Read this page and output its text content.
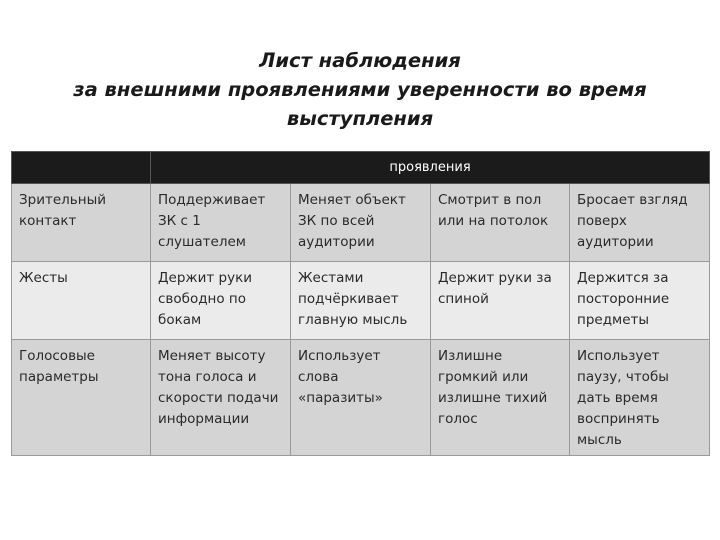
Лист наблюдения
за внешними проявлениями уверенности во время
выступления
	проявления			
Зрительный контакт	Поддерживает ЗК с 1 слушателем	Меняет объект ЗК по всей аудитории	Смотрит в пол или на потолок	Бросает взгляд поверх аудитории
Жесты	Держит руки свободно по бокам	Жестами подчёркивает главную мысль	Держит руки за спиной	Держится за посторонние предметы
Голосовые параметры	Меняет высоту тона голоса и скорости подачи информации	Использует слова «паразиты»	Излишне громкий или излишне тихий голос	Использует паузу, чтобы дать время воспринять мысль
